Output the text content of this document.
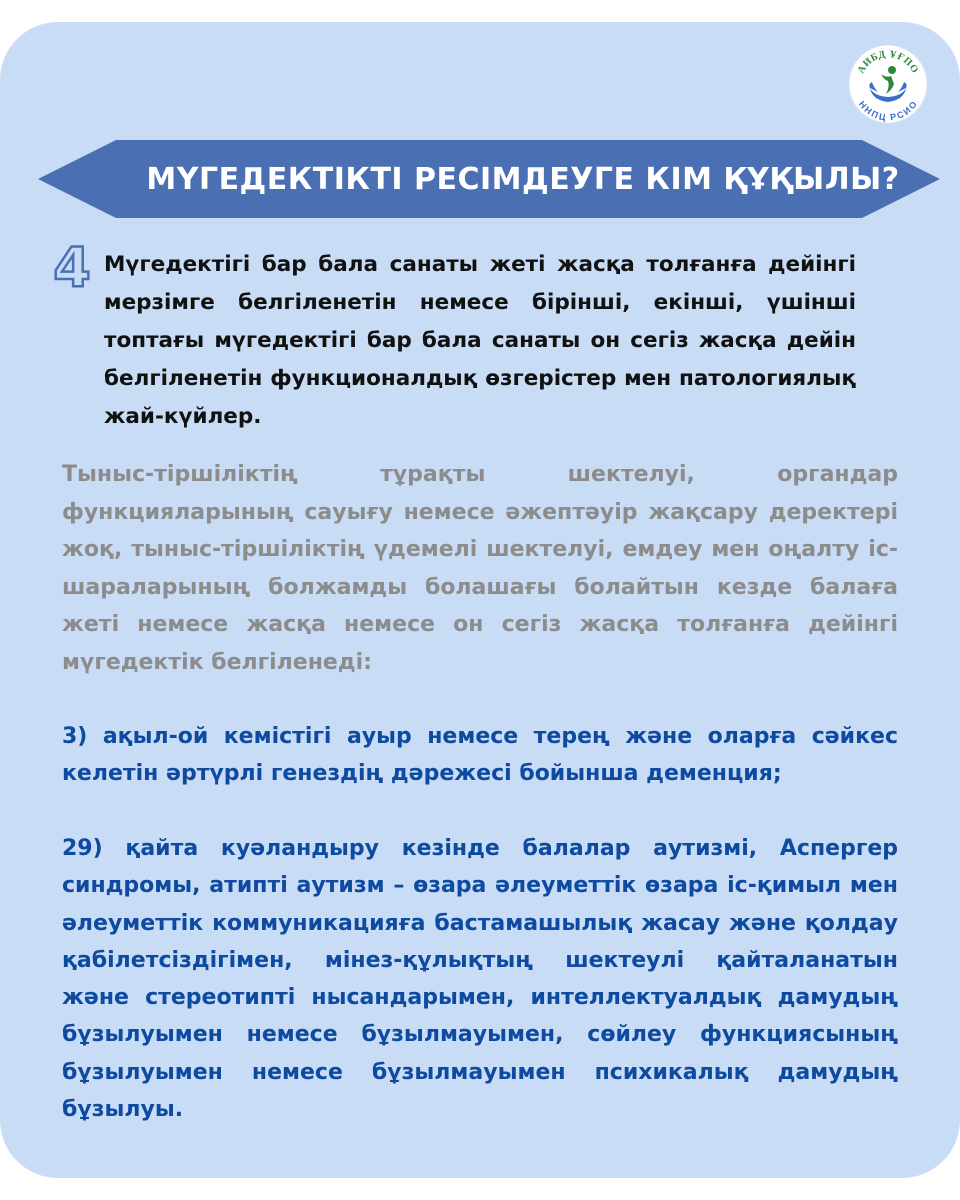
АИБД ҰҒПО
ННПЦ РСИО
МҮГЕДЕКТІКТІ РЕСІМДЕУГЕ КІМ ҚҰҚЫЛЫ?
4 Мүгедектігі бар бала санаты жеті жасқа толғанға дейінгі мерзімге белгіленетін немесе бірінші, екінші, үшінші топтағы мүгедектігі бар бала санаты он сегіз жасқа дейін белгіленетін функционалдық өзгерістер мен патологиялық жай-күйлер.

Тыныс-тіршіліктің тұрақты шектелуі, органдар функцияларының сауығу немесе әжептәуір жақсару деректері жоқ, тыныс-тіршіліктің үдемелі шектелуі, емдеу мен оңалту іс-шараларының болжамды болашағы болайтын кезде балаға жеті немесе жасқа немесе он сегіз жасқа толғанға дейінгі мүгедектік белгіленеді:

3) ақыл-ой кемістігі ауыр немесе терең және оларға сәйкес келетін әртүрлі генездің дәрежесі бойынша деменция;

29) қайта куәландыру кезінде балалар аутизмі, Аспергер синдромы, атипті аутизм – өзара әлеуметтік өзара іс-қимыл мен әлеуметтік коммуникацияға бастамашылық жасау және қолдау қабілетсіздігімен, мінез-құлықтың шектеулі қайталанатын және стереотипті нысандарымен, интеллектуалдық дамудың бұзылуымен немесе бұзылмауымен, сөйлеу функциясының бұзылуымен немесе бұзылмауымен психикалық дамудың бұзылуы.
